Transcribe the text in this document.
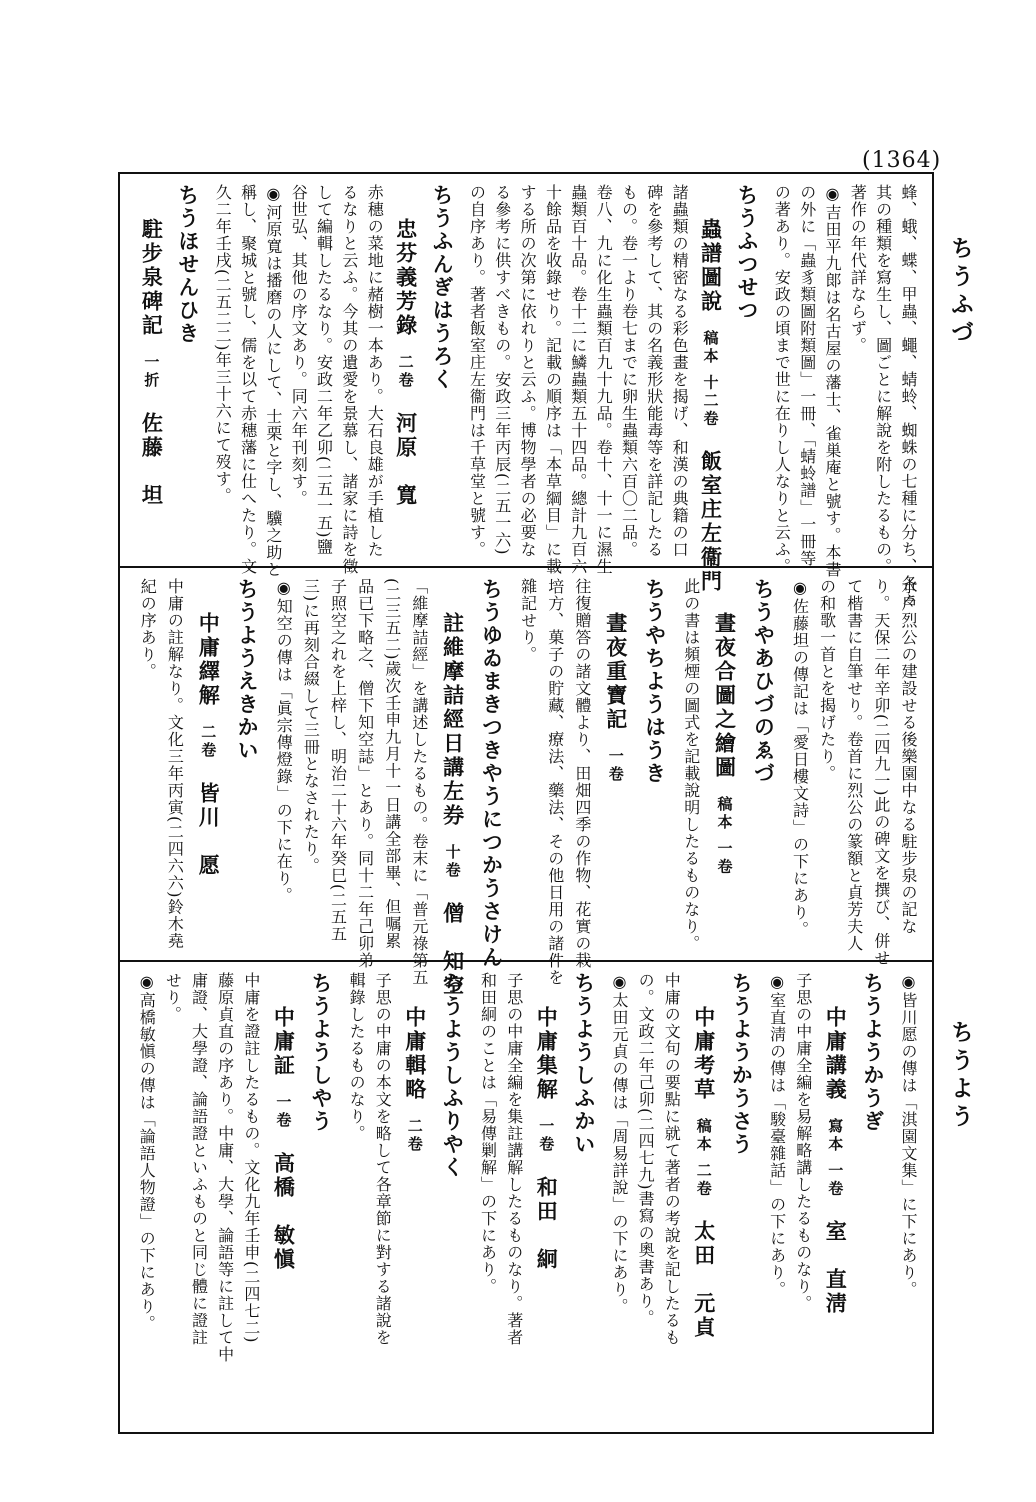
(1364)
ちうふづ
ちうよう
蜂、蛾、蝶、甲蟲、蠅、蜻蛉、蜘蛛の七種に分ち、各々
其の種類を寫生し、圖ごとに解說を附したるもの。
著作の年代詳ならず。
◉吉田平九郞は名古屋の藩士、雀巣庵と號す。本書
の外に「蟲豸類圖附類圖」一冊、「蜻蛉譜」一冊等
の著あり。安政の頃まで世に在りし人なりと云ふ。
ちうふつせつ
蟲譜圖說稿本 十二卷飯室庄左衞門
諸蟲類の精密なる彩色畫を揭げ、和漢の典籍の口
碑を參考して、其の名義形狀能毒等を詳記したる
もの。卷一より卷七までに卵生蟲類六百〇二品。
卷八、九に化生蟲類百九十九品。卷十、十一に濕生
蟲類百十品。卷十二に鱗蟲類五十四品。總計九百六
十餘品を收錄せり。記載の順序は「本草綱目」に載
する所の次第に依れりと云ふ。博物學者の必要な
る參考に供すべきもの。安政三年丙辰(二五一六)
の自序あり。著者飯室庄左衞門は千草堂と號す。
ちうふんぎはうろく
忠芬義芳錄二卷河原　寬
赤穗の菜地に赭樹一本あり。大石良雄が手植した
るなりと云ふ。今其の遺愛を景慕し、諸家に詩を徵
して編輯したるなり。安政二年乙卯(二五一五)鹽
谷世弘、其他の序文あり。同六年刊刻す。
◉河原寬は播磨の人にして、士栗と字し、驥之助と
稱し、聚城と號し、儒を以て赤穗藩に仕へたり。文
久二年壬戌(二五二二)年三十六にて歿す。
ちうほせんひき
駐步泉碑記一折佐藤　坦
水戶烈公の建設せる後樂園中なる駐步泉の記な
り。天保二年辛卯(二四九一)此の碑文を撰び、併せ
て楷書に自筆せり。卷首に烈公の篆額と貞芳夫人
の和歌一首とを揭げたり。
◉佐藤坦の傳記は「愛日樓文詩」の下にあり。
ちうやあひづのゑづ
晝夜合圖之繪圖稿本 一卷
此の書は頻煙の圖式を記載說明したるものなり。
ちうやちようはうき
晝夜重寶記一卷
往復贈答の諸文體より、田畑四季の作物、花實の栽
培方、菓子の貯藏、療法、藥法、その他日用の諸件を
雜記せり。
ちうゆゐまきつきやうにつかうさけん
註維摩詰經日講左券十卷僧　知空
「維摩詰經」を講述したるもの。卷末に「普元祿第五
(二三五二)歲次壬申九月十一日講全部畢、但嘱累
品已下略之、僧下知空誌」とあり。同十二年己卯弟
子照空之れを上梓し、明治二十六年癸巳(二五五
三)に再刻合綴して三冊となされたり。
◉知空の傳は「眞宗傳燈錄」の下に在り。
ちうようえきかい
中庸繹解二卷皆川　愿
中庸の註解なり。文化三年丙寅(二四六六)鈴木堯
紀の序あり。
◉皆川愿の傳は「淇園文集」に下にあり。
ちうようかうぎ
中庸講義寫本 一卷室　直淸
子思の中庸全編を易解略講したるものなり。
◉室直淸の傳は「駿臺雜話」の下にあり。
ちうようかうさう
中庸考草稿本 二卷太田　元貞
中庸の文句の要點に就て著者の考說を記したるも
の。文政二年己卯(二四七九)書寫の奧書あり。
◉太田元貞の傳は「周易詳說」の下にあり。
ちうようしふかい
中庸集解一卷和田　絅
子思の中庸全編を集註講解したるものなり。著者
和田絅のことは「易傳剿解」の下にあり。
ちうようしふりやく
中庸輯略二卷
子思の中庸の本文を略して各章節に對する諸說を
輯錄したるものなり。
ちうようしやう
中庸証一卷高橋　敏愼
中庸を證註したるもの。文化九年壬申(二四七二)
藤原貞直の序あり。中庸、大學、論語等に註して中
庸證、大學證、論語證といふものと同じ體に證註
せり。
◉高橋敏愼の傳は「論語人物證」の下にあり。
